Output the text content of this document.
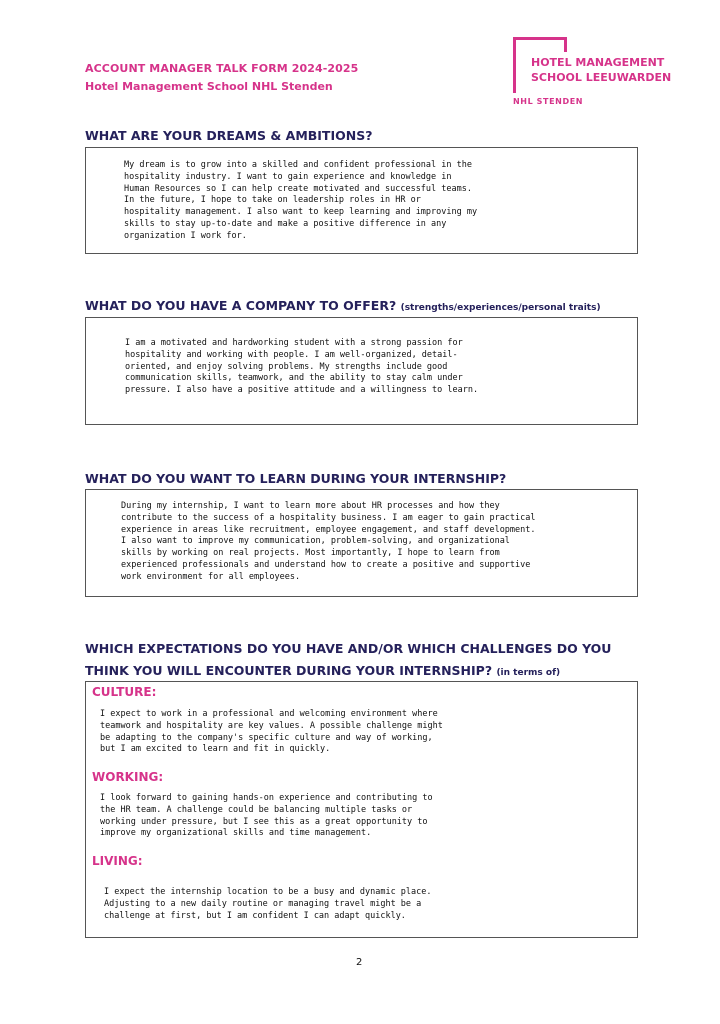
ACCOUNT MANAGER TALK FORM 2024-2025
Hotel Management School NHL Stenden
HOTEL MANAGEMENT
SCHOOL LEEUWARDEN
NHL STENDEN
WHAT ARE YOUR DREAMS & AMBITIONS?
My dream is to grow into a skilled and confident professional in the
hospitality industry. I want to gain experience and knowledge in
Human Resources so I can help create motivated and successful teams.
In the future, I hope to take on leadership roles in HR or
hospitality management. I also want to keep learning and improving my
skills to stay up-to-date and make a positive difference in any
organization I work for.
WHAT DO YOU HAVE A COMPANY TO OFFER? (strengths/experiences/personal traits)
I am a motivated and hardworking student with a strong passion for
hospitality and working with people. I am well-organized, detail-
oriented, and enjoy solving problems. My strengths include good
communication skills, teamwork, and the ability to stay calm under
pressure. I also have a positive attitude and a willingness to learn.
WHAT DO YOU WANT TO LEARN DURING YOUR INTERNSHIP?
During my internship, I want to learn more about HR processes and how they
contribute to the success of a hospitality business. I am eager to gain practical
experience in areas like recruitment, employee engagement, and staff development.
I also want to improve my communication, problem-solving, and organizational
skills by working on real projects. Most importantly, I hope to learn from
experienced professionals and understand how to create a positive and supportive
work environment for all employees.
WHICH EXPECTATIONS DO YOU HAVE AND/OR WHICH CHALLENGES DO YOU
THINK YOU WILL ENCOUNTER DURING YOUR INTERNSHIP? (in terms of)
CULTURE:
I expect to work in a professional and welcoming environment where
teamwork and hospitality are key values. A possible challenge might
be adapting to the company's specific culture and way of working,
but I am excited to learn and fit in quickly.
WORKING:
I look forward to gaining hands-on experience and contributing to
the HR team. A challenge could be balancing multiple tasks or
working under pressure, but I see this as a great opportunity to
improve my organizational skills and time management.
LIVING:
I expect the internship location to be a busy and dynamic place.
Adjusting to a new daily routine or managing travel might be a
challenge at first, but I am confident I can adapt quickly.
2
